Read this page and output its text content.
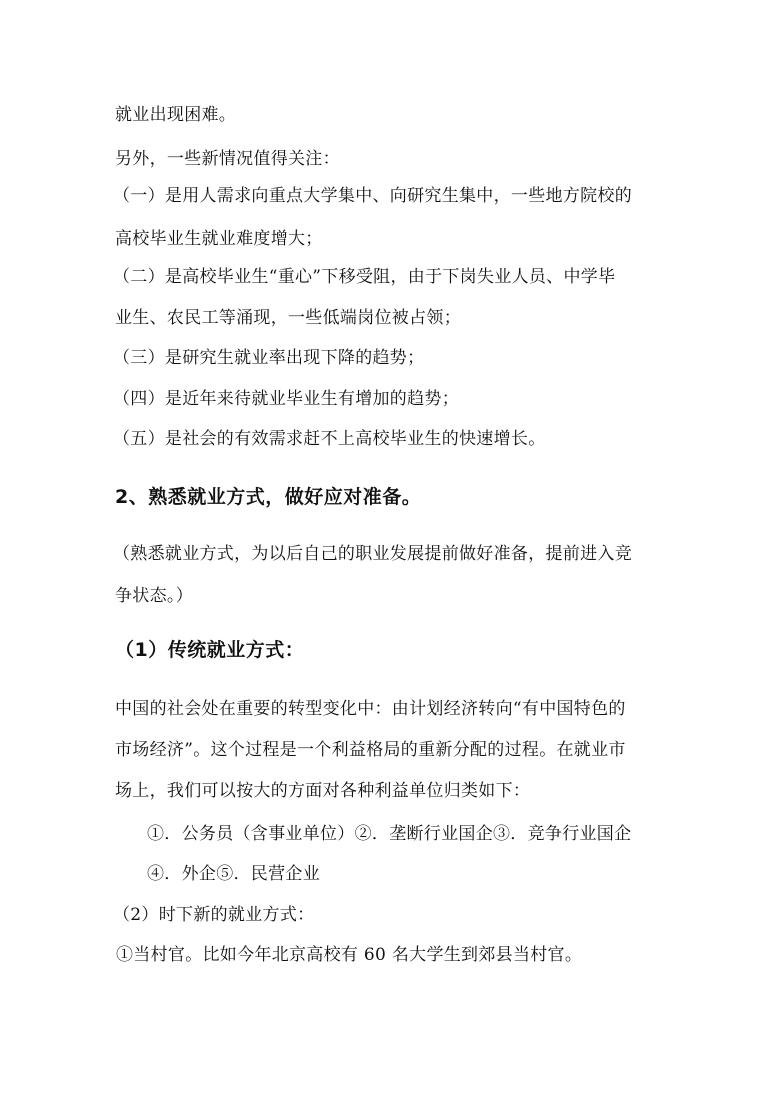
就业出现困难。
另外，一些新情况值得关注：
（一）是用人需求向重点大学集中、向研究生集中，一些地方院校的
高校毕业生就业难度增大；
（二）是高校毕业生“重心”下移受阻，由于下岗失业人员、中学毕
业生、农民工等涌现，一些低端岗位被占领；
（三）是研究生就业率出现下降的趋势；
（四）是近年来待就业毕业生有增加的趋势；
（五）是社会的有效需求赶不上高校毕业生的快速增长。
2、熟悉就业方式，做好应对准备。
（熟悉就业方式，为以后自己的职业发展提前做好准备，提前进入竞
争状态。）
（1）传统就业方式：
中国的社会处在重要的转型变化中：由计划经济转向“有中国特色的
市场经济”。这个过程是一个利益格局的重新分配的过程。在就业市
场上，我们可以按大的方面对各种利益单位归类如下：
①．公务员（含事业单位）②．垄断行业国企③．竞争行业国企
④．外企⑤．民营企业
（2）时下新的就业方式：
①当村官。比如今年北京高校有 60 名大学生到郊县当村官。
